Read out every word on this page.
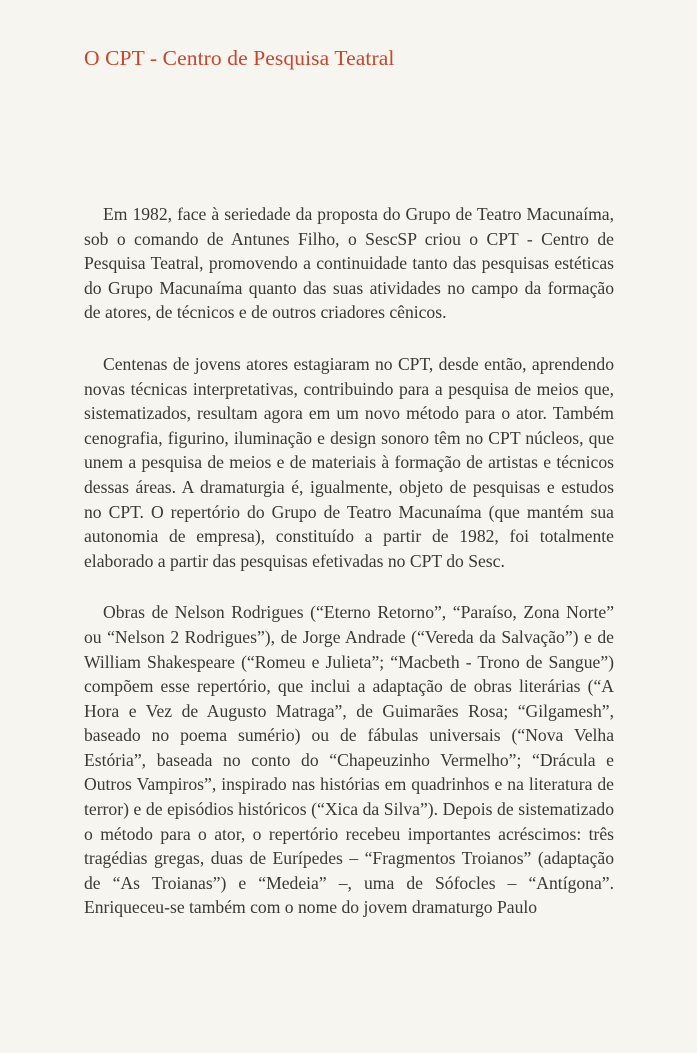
O CPT - Centro de Pesquisa Teatral

Em 1982, face à seriedade da proposta do Grupo de Teatro Macunaíma, sob o comando de Antunes Filho, o SescSP criou o CPT - Centro de Pesquisa Teatral, promovendo a continuidade tanto das pesquisas estéticas do Grupo Macunaíma quanto das suas atividades no campo da formação de atores, de técnicos e de outros criadores cênicos.

Centenas de jovens atores estagiaram no CPT, desde então, aprendendo novas técnicas interpretativas, contribuindo para a pesquisa de meios que, sistematizados, resultam agora em um novo método para o ator. Também cenografia, figurino, iluminação e design sonoro têm no CPT núcleos, que unem a pesquisa de meios e de materiais à formação de artistas e técnicos dessas áreas. A dramaturgia é, igualmente, objeto de pesquisas e estudos no CPT. O repertório do Grupo de Teatro Macunaíma (que mantém sua autonomia de empresa), constituído a partir de 1982, foi totalmente elaborado a partir das pesquisas efetivadas no CPT do Sesc.

Obras de Nelson Rodrigues (“Eterno Retorno”, “Paraíso, Zona Norte” ou “Nelson 2 Rodrigues”), de Jorge Andrade (“Vereda da Salvação”) e de William Shakespeare (“Romeu e Julieta”; “Macbeth - Trono de Sangue”) compõem esse repertório, que inclui a adaptação de obras literárias (“A Hora e Vez de Augusto Matraga”, de Guimarães Rosa; “Gilgamesh”, baseado no poema sumério) ou de fábulas universais (“Nova Velha Estória”, baseada no conto do “Chapeuzinho Vermelho”; “Drácula e Outros Vampiros”, inspirado nas histórias em quadrinhos e na literatura de terror) e de episódios históricos (“Xica da Silva”). Depois de sistematizado o método para o ator, o repertório recebeu importantes acréscimos: três tragédias gregas, duas de Eurípedes – “Fragmentos Troianos” (adaptação de “As Troianas”) e “Medeia” –, uma de Sófocles – “Antígona”. Enriqueceu-se também com o nome do jovem dramaturgo Paulo
